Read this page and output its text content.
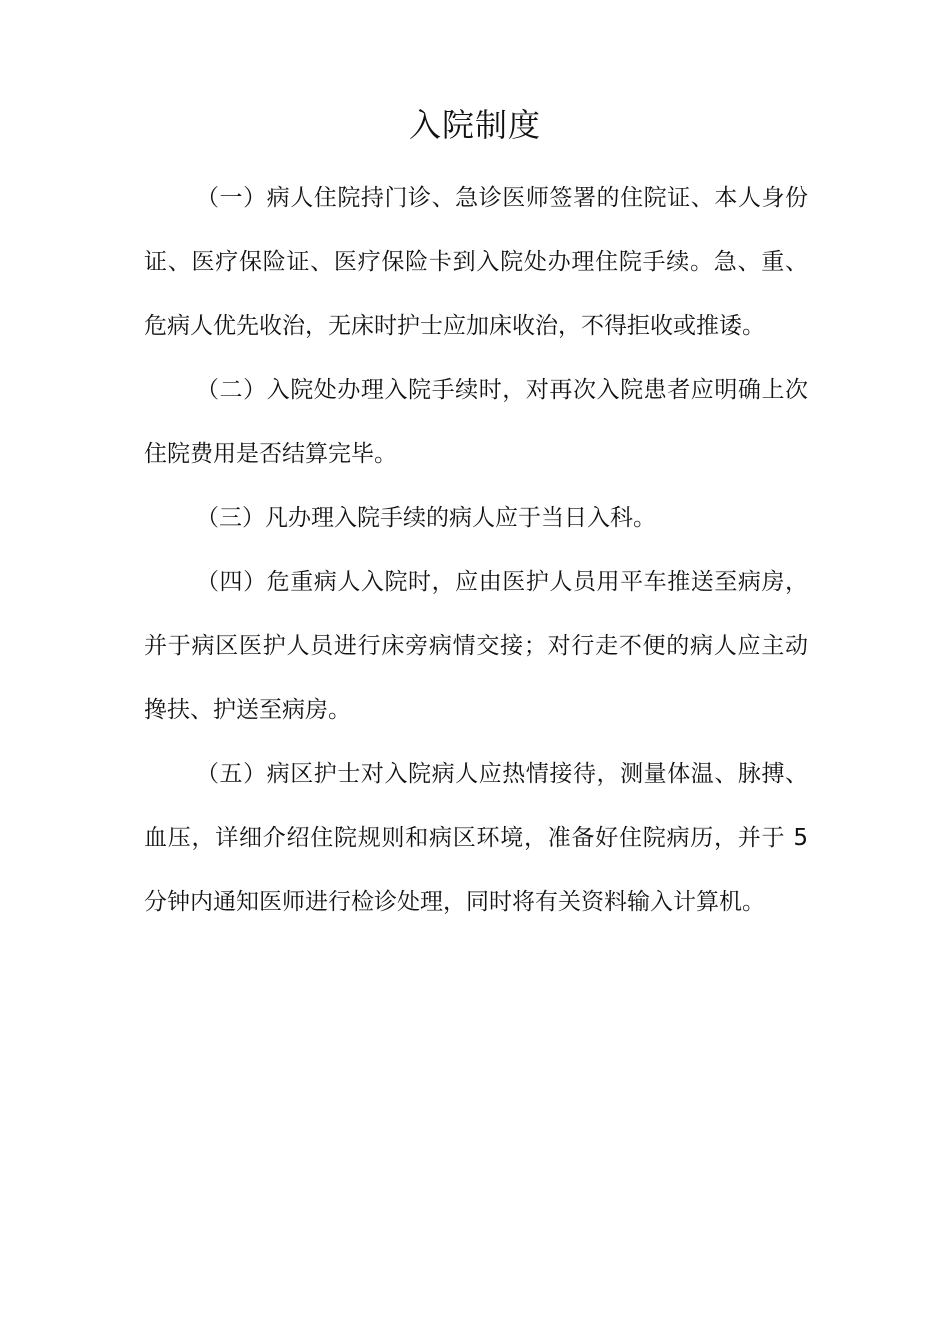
入院制度

（一）病人住院持门诊、急诊医师签署的住院证、本人身份证、医疗保险证、医疗保险卡到入院处办理住院手续。急、重、危病人优先收治，无床时护士应加床收治，不得拒收或推诿。

（二）入院处办理入院手续时，对再次入院患者应明确上次住院费用是否结算完毕。

（三）凡办理入院手续的病人应于当日入科。

（四）危重病人入院时，应由医护人员用平车推送至病房，并于病区医护人员进行床旁病情交接；对行走不便的病人应主动搀扶、护送至病房。

（五）病区护士对入院病人应热情接待，测量体温、脉搏、血压，详细介绍住院规则和病区环境，准备好住院病历，并于 5 分钟内通知医师进行检诊处理，同时将有关资料输入计算机。
